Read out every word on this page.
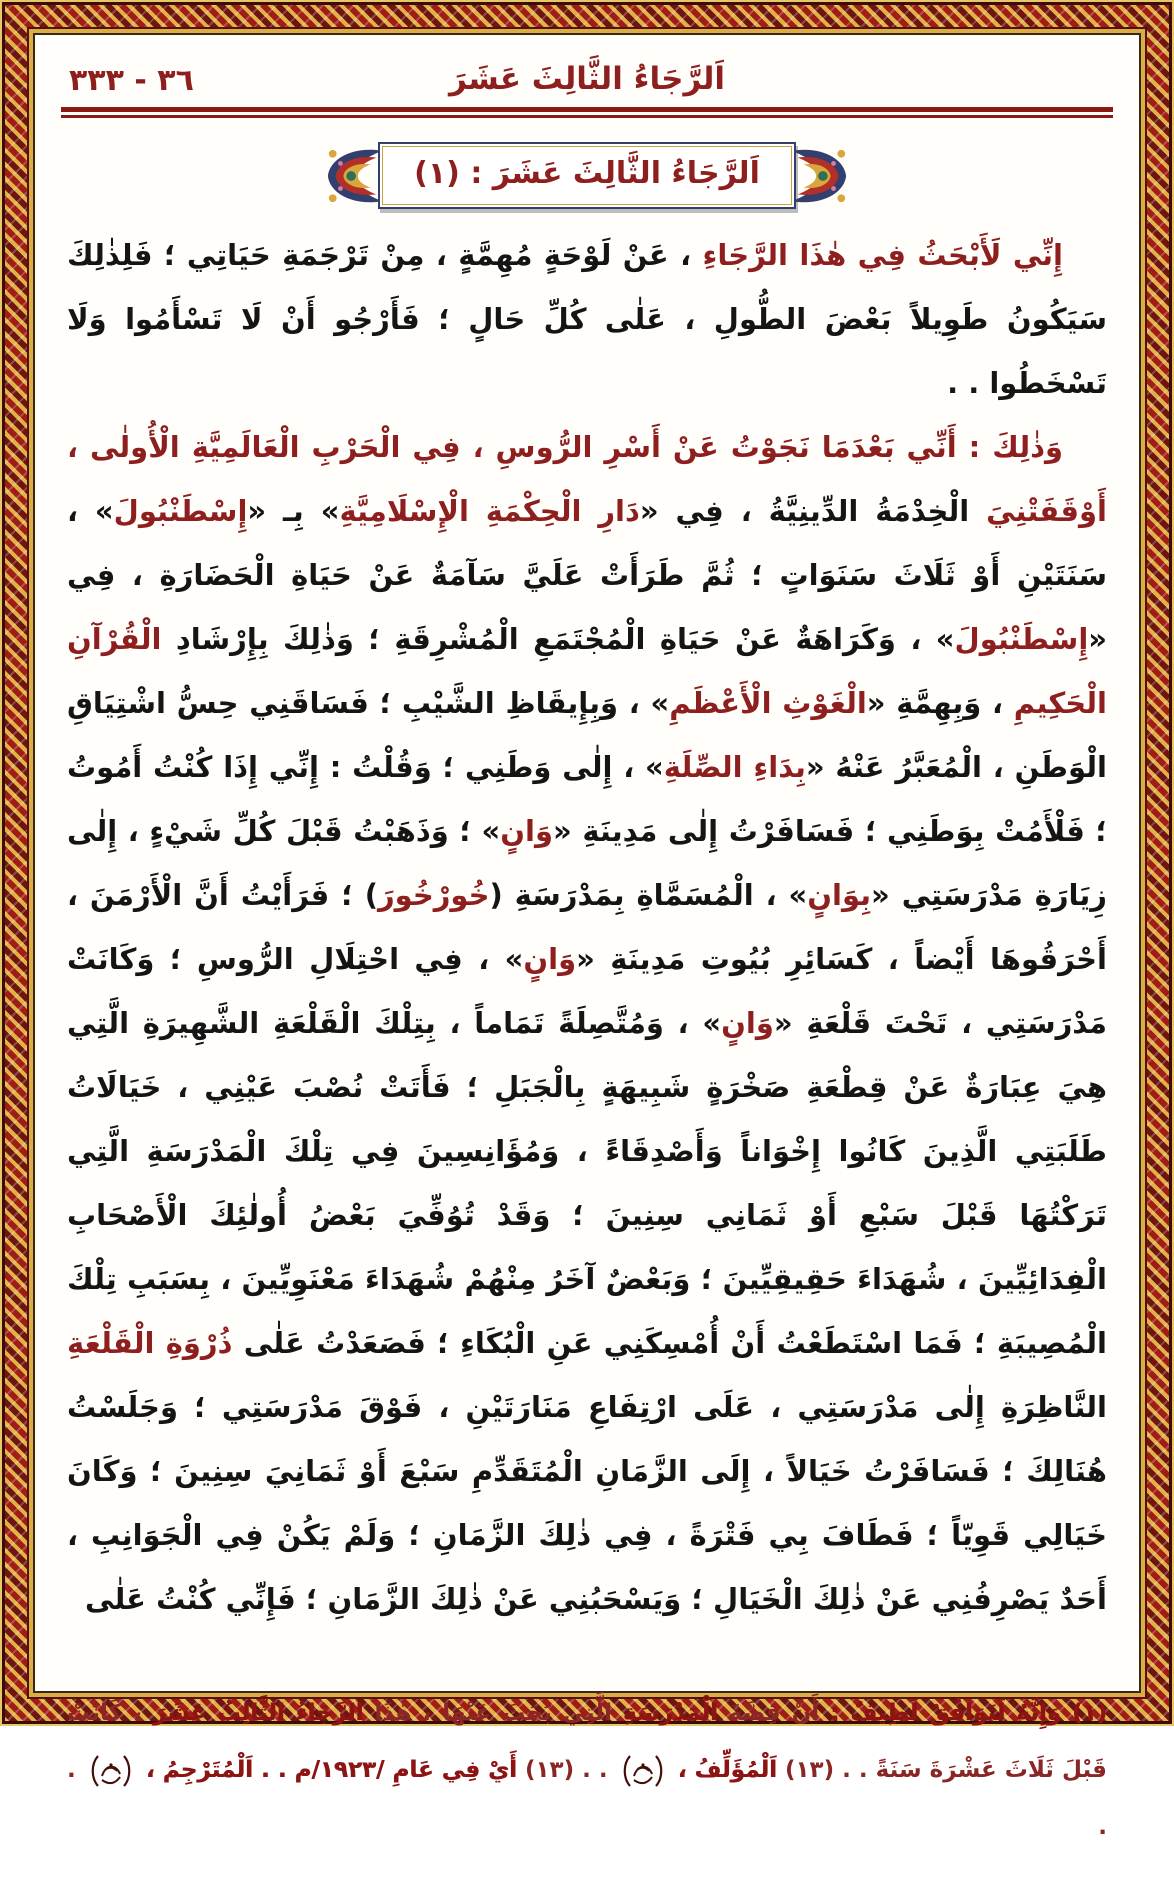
٣٦ - ٣٣٣	اَلرَّجَاءُ الثَّالِثَ عَشَرَ
اَلرَّجَاءُ الثَّالِثَ عَشَرَ : (١)

إِنِّي لَأَبْحَثُ فِي هٰذَا الرَّجَاءِ ، عَنْ لَوْحَةٍ مُهِمَّةٍ ، مِنْ تَرْجَمَةِ حَيَاتِي ؛ فَلِذٰلِكَ سَيَكُونُ طَوِيلاً بَعْضَ الطُّولِ ، عَلٰى كُلِّ حَالٍ ؛ فَأَرْجُو أَنْ لَا تَسْأَمُوا وَلَا تَسْخَطُوا . .

وَذٰلِكَ : أَنِّي بَعْدَمَا نَجَوْتُ عَنْ أَسْرِ الرُّوسِ ، فِي الْحَرْبِ الْعَالَمِيَّةِ الْأُولٰى ، أَوْقَفَتْنِيَ الْخِدْمَةُ الدِّينِيَّةُ ، فِي «دَارِ الْحِكْمَةِ الْإِسْلَامِيَّةِ» بِـ «إِسْطَنْبُولَ» ، سَنَتَيْنِ أَوْ ثَلَاثَ سَنَوَاتٍ ؛ ثُمَّ طَرَأَتْ عَلَيَّ سَآمَةٌ عَنْ حَيَاةِ الْحَضَارَةِ ، فِي «إِسْطَنْبُولَ» ، وَكَرَاهَةٌ عَنْ حَيَاةِ الْمُجْتَمَعِ الْمُشْرِقَةِ ؛ وَذٰلِكَ بِإِرْشَادِ الْقُرْآنِ الْحَكِيمِ ، وَبِهِمَّةِ «الْغَوْثِ الْأَعْظَمِ» ، وَبِإِيقَاظِ الشَّيْبِ ؛ فَسَاقَنِي حِسُّ اشْتِيَاقِ الْوَطَنِ ، الْمُعَبَّرُ عَنْهُ «بِدَاءِ الصِّلَةِ» ، إِلٰى وَطَنِي ؛ وَقُلْتُ : إِنِّي إِذَا كُنْتُ أَمُوتُ ؛ فَلْأَمُتْ بِوَطَنِي ؛ فَسَافَرْتُ إِلٰى مَدِينَةِ «وَانٍ» ؛ وَذَهَبْتُ قَبْلَ كُلِّ شَيْءٍ ، إِلٰى زِيَارَةِ مَدْرَسَتِي «بِوَانٍ» ، الْمُسَمَّاةِ بِمَدْرَسَةِ (خُورْخُورَ) ؛ فَرَأَيْتُ أَنَّ الْأَرْمَنَ ، أَحْرَقُوهَا أَيْضاً ، كَسَائِرِ بُيُوتِ مَدِينَةِ «وَانٍ» ، فِي احْتِلَالِ الرُّوسِ ؛ وَكَانَتْ مَدْرَسَتِي ، تَحْتَ قَلْعَةِ «وَانٍ» ، وَمُتَّصِلَةً تَمَاماً ، بِتِلْكَ الْقَلْعَةِ الشَّهِيرَةِ الَّتِي هِيَ عِبَارَةٌ عَنْ قِطْعَةِ صَخْرَةٍ شَبِيهَةٍ بِالْجَبَلِ ؛ فَأَتَتْ نُصْبَ عَيْنِي ، خَيَالَاتُ طَلَبَتِي الَّذِينَ كَانُوا إِخْوَاناً وَأَصْدِقَاءً ، وَمُؤَانِسِينَ فِي تِلْكَ الْمَدْرَسَةِ الَّتِي تَرَكْتُهَا قَبْلَ سَبْعِ أَوْ ثَمَانِي سِنِينَ ؛ وَقَدْ تُوُفِّيَ بَعْضُ أُولٰئِكَ الْأَصْحَابِ الْفِدَائِيِّينَ ، شُهَدَاءَ حَقِيقِيِّينَ ؛ وَبَعْضٌ آخَرُ مِنْهُمْ شُهَدَاءَ مَعْنَوِيِّينَ ، بِسَبَبِ تِلْكَ الْمُصِيبَةِ ؛ فَمَا اسْتَطَعْتُ أَنْ أُمْسِكَنِي عَنِ الْبُكَاءِ ؛ فَصَعَدْتُ عَلٰى ذُرْوَةِ الْقَلْعَةِ النَّاظِرَةِ إِلٰى مَدْرَسَتِي ، عَلَى ارْتِفَاعِ مَنَارَتَيْنِ ، فَوْقَ مَدْرَسَتِي ؛ وَجَلَسْتُ هُنَالِكَ ؛ فَسَافَرْتُ خَيَالاً ، إِلَى الزَّمَانِ الْمُتَقَدِّمِ سَبْعَ أَوْ ثَمَانِيَ سِنِينَ ؛ وَكَانَ خَيَالِي قَوِيّاً ؛ فَطَافَ بِي فَتْرَةً ، فِي ذٰلِكَ الزَّمَانِ ؛ وَلَمْ يَكُنْ فِي الْجَوَانِبِ ، أَحَدٌ يَصْرِفُنِي عَنْ ذٰلِكَ الْخَيَالِ ؛ وَيَسْحَبُنِي عَنْ ذٰلِكَ الزَّمَانِ ؛ فَإِنِّي كُنْتُ عَلٰى

(١) وَإِنَّهُ لَتَوَافُقٌ لَطِيفٌ : أَنَّ قِصَّةَ الْمَدْرَسَةِ الَّتِي بَحَثَ عَنْهَا ، هٰذَا الرَّجَاءُ الثَّالِثُ عَشَرَ ، كَانَتْ قَبْلَ ثَلَاثَ عَشْرَةَ سَنَةً . . (١٣) اَلْمُؤَلِّفُ ،
. . (١٣) أَيْ فِي عَامِ /١٩٢٣/م . . اَلْمُتَرْجِمُ ،
. .
